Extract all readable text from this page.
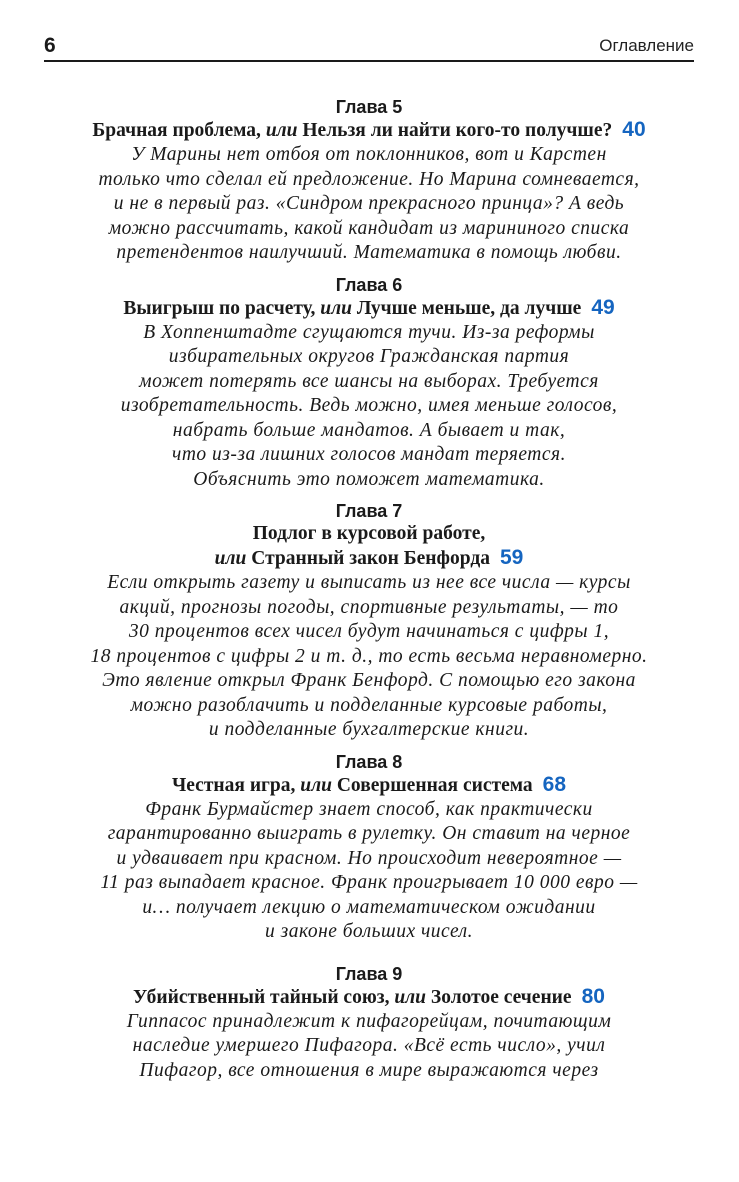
6	Оглавление
Глава 5
Брачная проблема, или Нельзя ли найти кого-то получше? 40
У Марины нет отбоя от поклонников, вот и Карстен
только что сделал ей предложение. Но Марина сомневается,
и не в первый раз. «Синдром прекрасного принца»? А ведь
можно рассчитать, какой кандидат из марининого списка
претендентов наилучший. Математика в помощь любви.
Глава 6
Выигрыш по расчету, или Лучше меньше, да лучше 49
В Хоппенштадте сгущаются тучи. Из-за реформы
избирательных округов Гражданская партия
может потерять все шансы на выборах. Требуется
изобретательность. Ведь можно, имея меньше голосов,
набрать больше мандатов. А бывает и так,
что из-за лишних голосов мандат теряется.
Объяснить это поможет математика.
Глава 7
Подлог в курсовой работе,
или Странный закон Бенфорда 59
Если открыть газету и выписать из нее все числа — курсы
акций, прогнозы погоды, спортивные результаты, — то
30 процентов всех чисел будут начинаться с цифры 1,
18 процентов с цифры 2 и т. д., то есть весьма неравномерно.
Это явление открыл Франк Бенфорд. С помощью его закона
можно разоблачить и подделанные курсовые работы,
и подделанные бухгалтерские книги.
Глава 8
Честная игра, или Совершенная система 68
Франк Бурмайстер знает способ, как практически
гарантированно выиграть в рулетку. Он ставит на черное
и удваивает при красном. Но происходит невероятное —
11 раз выпадает красное. Франк проигрывает 10 000 евро —
и… получает лекцию о математическом ожидании
и законе больших чисел.
Глава 9
Убийственный тайный союз, или Золотое сечение 80
Гиппасос принадлежит к пифагорейцам, почитающим
наследие умершего Пифагора. «Всё есть число», учил
Пифагор, все отношения в мире выражаются через
